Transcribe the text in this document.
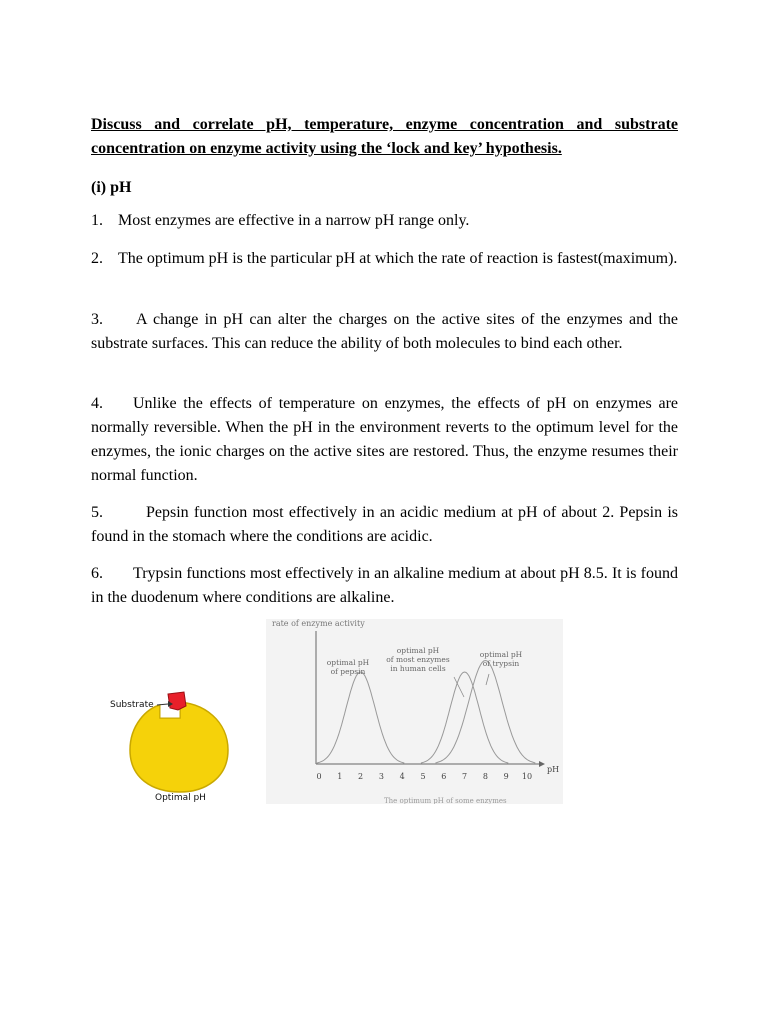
Discuss and correlate pH, temperature, enzyme concentration and substrate concentration on enzyme activity using the ‘lock and key’ hypothesis.

(i) pH

1. Most enzymes are effective in a narrow pH range only.

2. The optimum pH is the particular pH at which the rate of reaction is fastest(maximum).

3. A change in pH can alter the charges on the active sites of the enzymes and the substrate surfaces. This can reduce the ability of both molecules to bind each other.

4. Unlike the effects of temperature on enzymes, the effects of pH on enzymes are normally reversible. When the pH in the environment reverts to the optimum level for the enzymes, the ionic charges on the active sites are restored. Thus, the enzyme resumes their normal function.

5.	Pepsin function most effectively in an acidic medium at pH of about 2. Pepsin is found in the stomach where the conditions are acidic.

6. Trypsin functions most effectively in an alkaline medium at about pH 8.5. It is found in the duodenum where conditions are alkaline.

Substrate
Optimal pH
rate of enzyme activity
pH
0 1 2 3 4 5 6 7 8 9 10
optimal pH of pepsin
optimal pH of most enzymes in human cells
optimal pH of trypsin
The optimum pH of some enzymes
